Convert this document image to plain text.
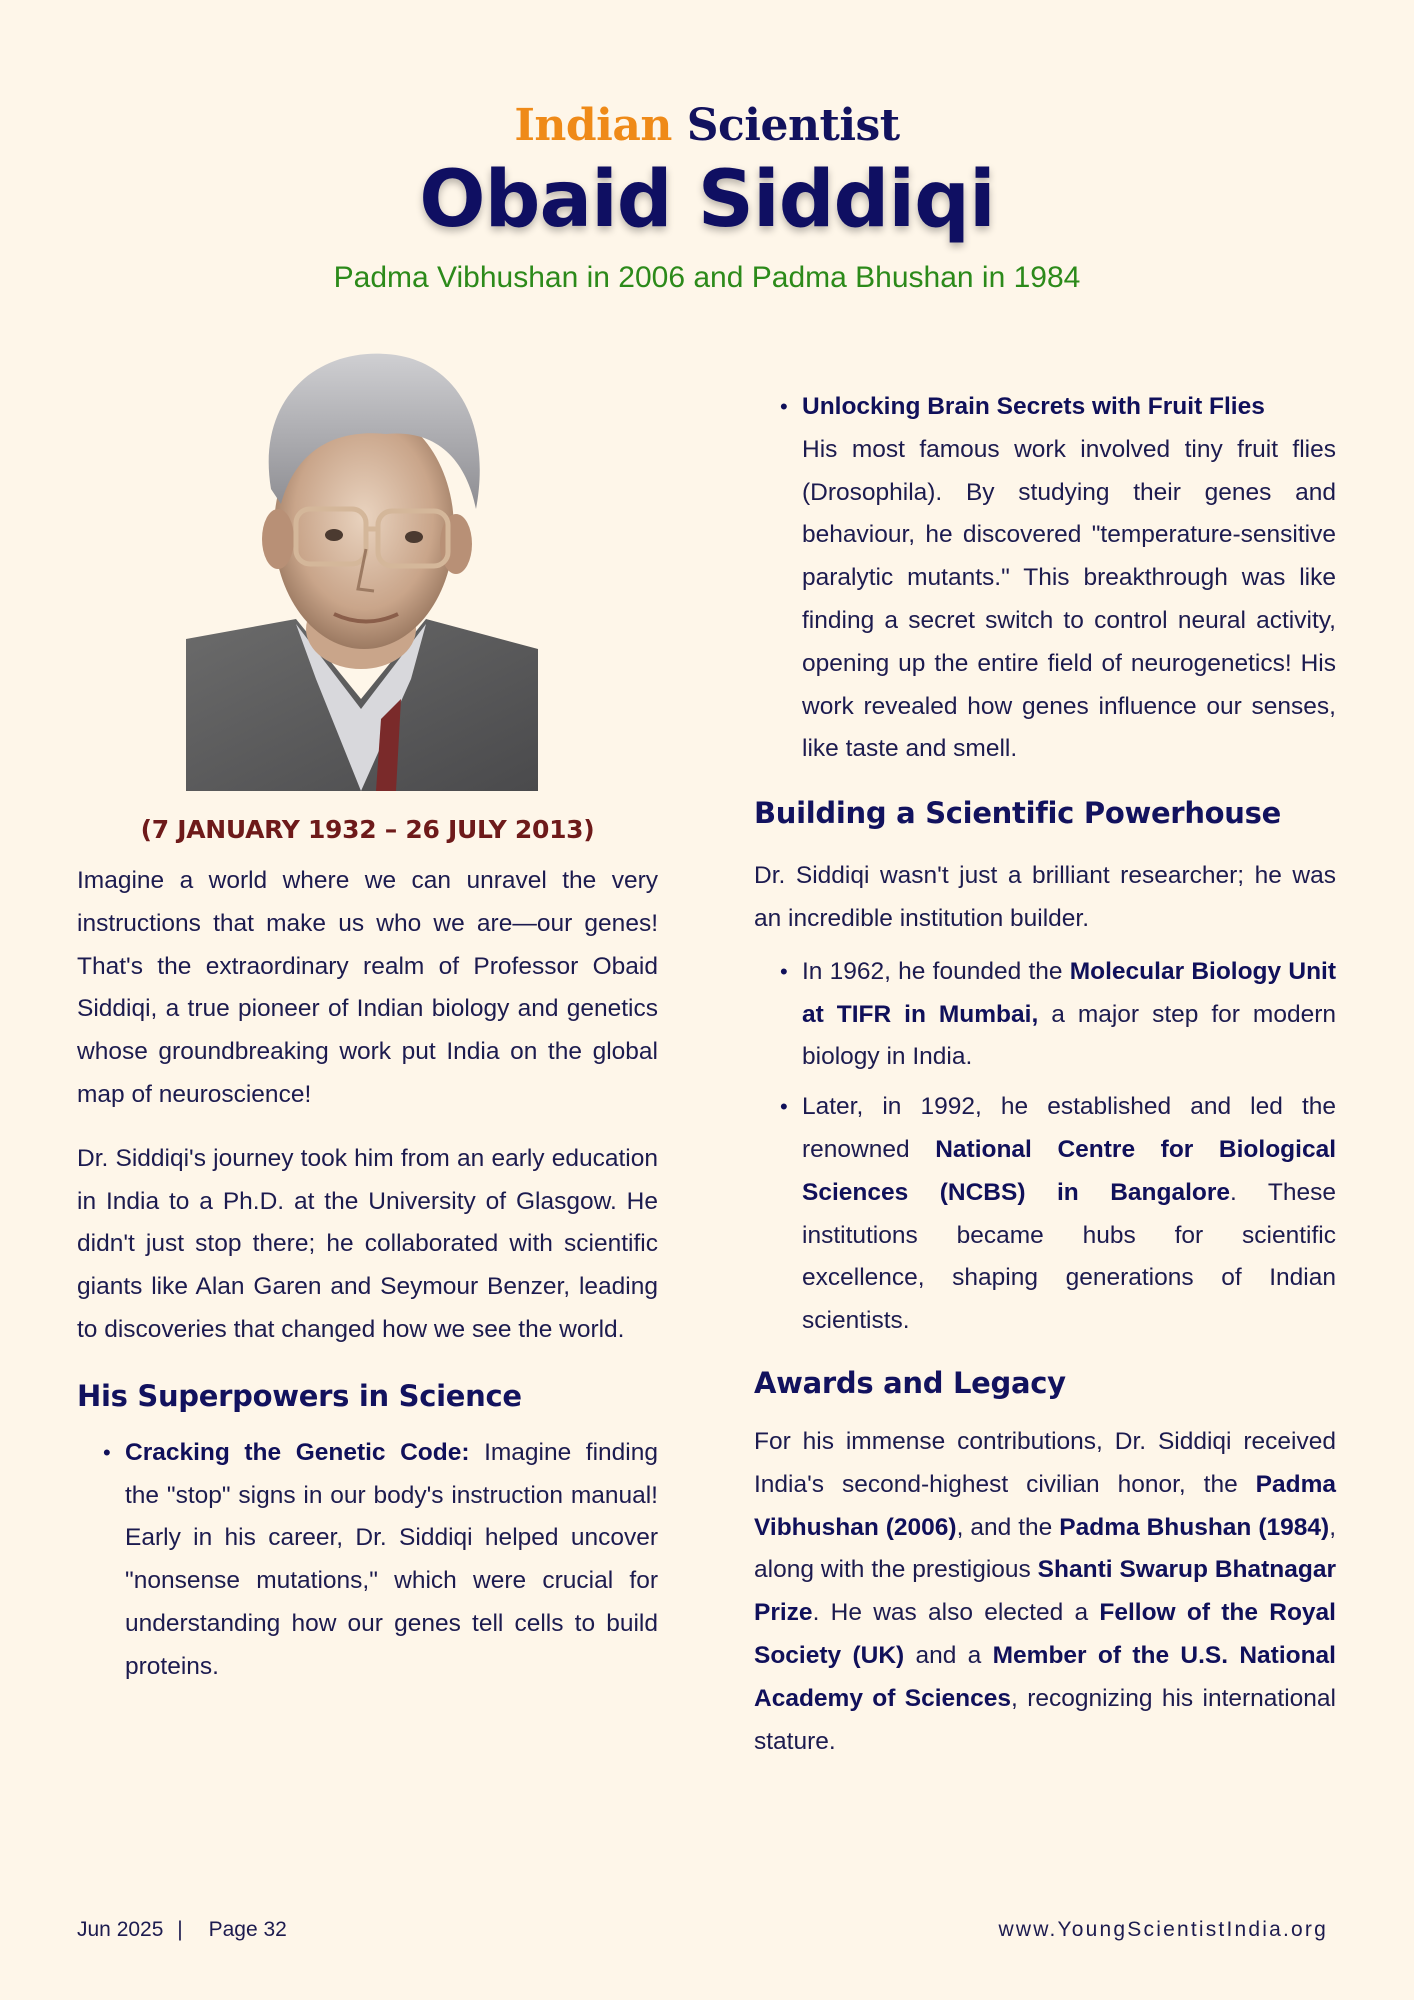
Indian Scientist
Obaid Siddiqi
Padma Vibhushan in 2006 and Padma Bhushan in 1984
(7 JANUARY 1932 – 26 JULY 2013)

Imagine a world where we can unravel the very instructions that make us who we are—our genes! That's the extraordinary realm of Professor Obaid Siddiqi, a true pioneer of Indian biology and genetics whose groundbreaking work put India on the global map of neuroscience!

Dr. Siddiqi's journey took him from an early education in India to a Ph.D. at the University of Glasgow. He didn't just stop there; he collaborated with scientific giants like Alan Garen and Seymour Benzer, leading to discoveries that changed how we see the world.

His Superpowers in Science
• Cracking the Genetic Code: Imagine finding the "stop" signs in our body's instruction manual! Early in his career, Dr. Siddiqi helped uncover "nonsense mutations," which were crucial for understanding how our genes tell cells to build proteins.
• Unlocking Brain Secrets with Fruit Flies
His most famous work involved tiny fruit flies (Drosophila). By studying their genes and behaviour, he discovered "temperature-sensitive paralytic mutants." This breakthrough was like finding a secret switch to control neural activity, opening up the entire field of neurogenetics! His work revealed how genes influence our senses, like taste and smell.
Building a Scientific Powerhouse

Dr. Siddiqi wasn't just a brilliant researcher; he was an incredible institution builder.

• In 1962, he founded the Molecular Biology Unit at TIFR in Mumbai, a major step for modern biology in India.
• Later, in 1992, he established and led the renowned National Centre for Biological Sciences (NCBS) in Bangalore. These institutions became hubs for scientific excellence, shaping generations of Indian scientists.
Awards and Legacy

For his immense contributions, Dr. Siddiqi received India's second-highest civilian honor, the Padma Vibhushan (2006), and the Padma Bhushan (1984), along with the prestigious Shanti Swarup Bhatnagar Prize. He was also elected a Fellow of the Royal Society (UK) and a Member of the U.S. National Academy of Sciences, recognizing his international stature.

Jun 2025 | Page 32	www.YoungScientistIndia.org
